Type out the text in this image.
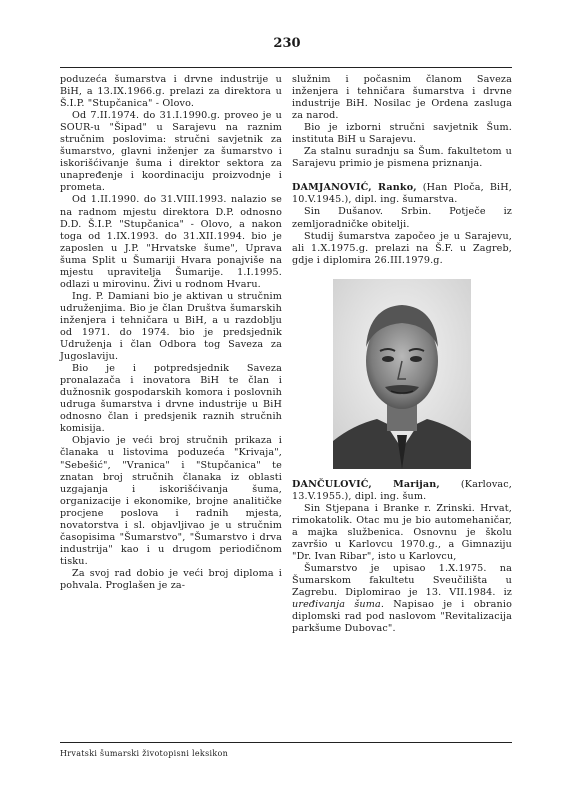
230

poduzeća šumarstva i drvne industrije u BiH, a 13.IX.1966.g. prelazi za direktora u Š.I.P. "Stupčanica" - Olovo.

Od 7.II.1974. do 31.I.1990.g. proveo je u SOUR-u "Šipad" u Sarajevu na raznim stručnim poslovima: stručni savjetnik za šumarstvo, glavni inženjer za šumarstvo i iskorišćivanje šuma i direktor sektora za unapređenje i koordinaciju proizvodnje i prometa.

Od 1.II.1990. do 31.VIII.1993. nalazio se na radnom mjestu direktora D.P. odnosno D.D. Š.I.P. "Stupčanica" - Olovo, a nakon toga od 1.IX.1993. do 31.XII.1994. bio je zaposlen u J.P. "Hrvatske šume", Uprava šuma Split u Šumariji Hvara ponajviše na mjestu upravitelja Šumarije. 1.I.1995. odlazi u mirovinu. Živi u rodnom Hvaru.

Ing. P. Damiani bio je aktivan u stručnim udruženjima. Bio je član Društva šumarskih inženjera i tehničara u BiH, a u razdoblju od 1971. do 1974. bio je predsjednik Udruženja i član Odbora tog Saveza za Jugoslaviju.

Bio je i potpredsjednik Saveza pronalazača i inovatora BiH te član i dužnosnik gospodarskih komora i poslovnih udruga šumarstva i drvne industrije u BiH odnosno član i predsjenik raznih stručnih komisija.

Objavio je veći broj stručnih prikaza i članaka u listovima poduzeća "Krivaja", "Sebešić", "Vranica" i "Stupčanica" te znatan broj stručnih članaka iz oblasti uzgajanja i iskorišćivanja šuma, organizacije i ekonomike, brojne analitičke procjene poslova i radnih mjesta, novatorstva i sl. objavljivao je u stručnim časopisima "Šumarstvo", "Šumarstvo i drva industrija" kao i u drugom periodičnom tisku.

Za svoj rad dobio je veći broj diploma i pohvala. Proglašen je za-

služnim i počasnim članom Saveza inženjera i tehničara šumarstva i drvne industrije BiH. Nosilac je Ordena zasluga za narod.

Bio je izborni stručni savjetnik Šum. instituta BiH u Sarajevu.

Za stalnu suradnju sa Šum. fakultetom u Sarajevu primio je pismena priznanja.

DAMJANOVIĆ, Ranko, (Han Ploča, BiH, 10.V.1945.), dipl. ing. šumarstva.

Sin Dušanov. Srbin. Potječe iz zemljoradničke obitelji.

Studij šumarstva započeo je u Sarajevu, ali 1.X.1975.g. prelazi na Š.F. u Zagreb, gdje i diplomira 26.III.1979.g.

DANČULOVIĆ, Marijan, (Karlovac, 13.V.1955.), dipl. ing. šum.

Sin Stjepana i Branke r. Zrinski. Hrvat, rimokatolik. Otac mu je bio automehaničar, a majka službenica. Osnovnu je školu završio u Karlovcu 1970.g., a Gimnaziju "Dr. Ivan Ribar", isto u Karlovcu,

Šumarstvo je upisao 1.X.1975. na Šumarskom fakultetu Sveučilišta u Zagrebu. Diplomirao je 13. VII.1984. iz uređivanja šuma. Napisao je i obranio diplomski rad pod naslovom "Revitalizacija parkšume Dubovac".

Hrvatski šumarski životopisni leksikon
